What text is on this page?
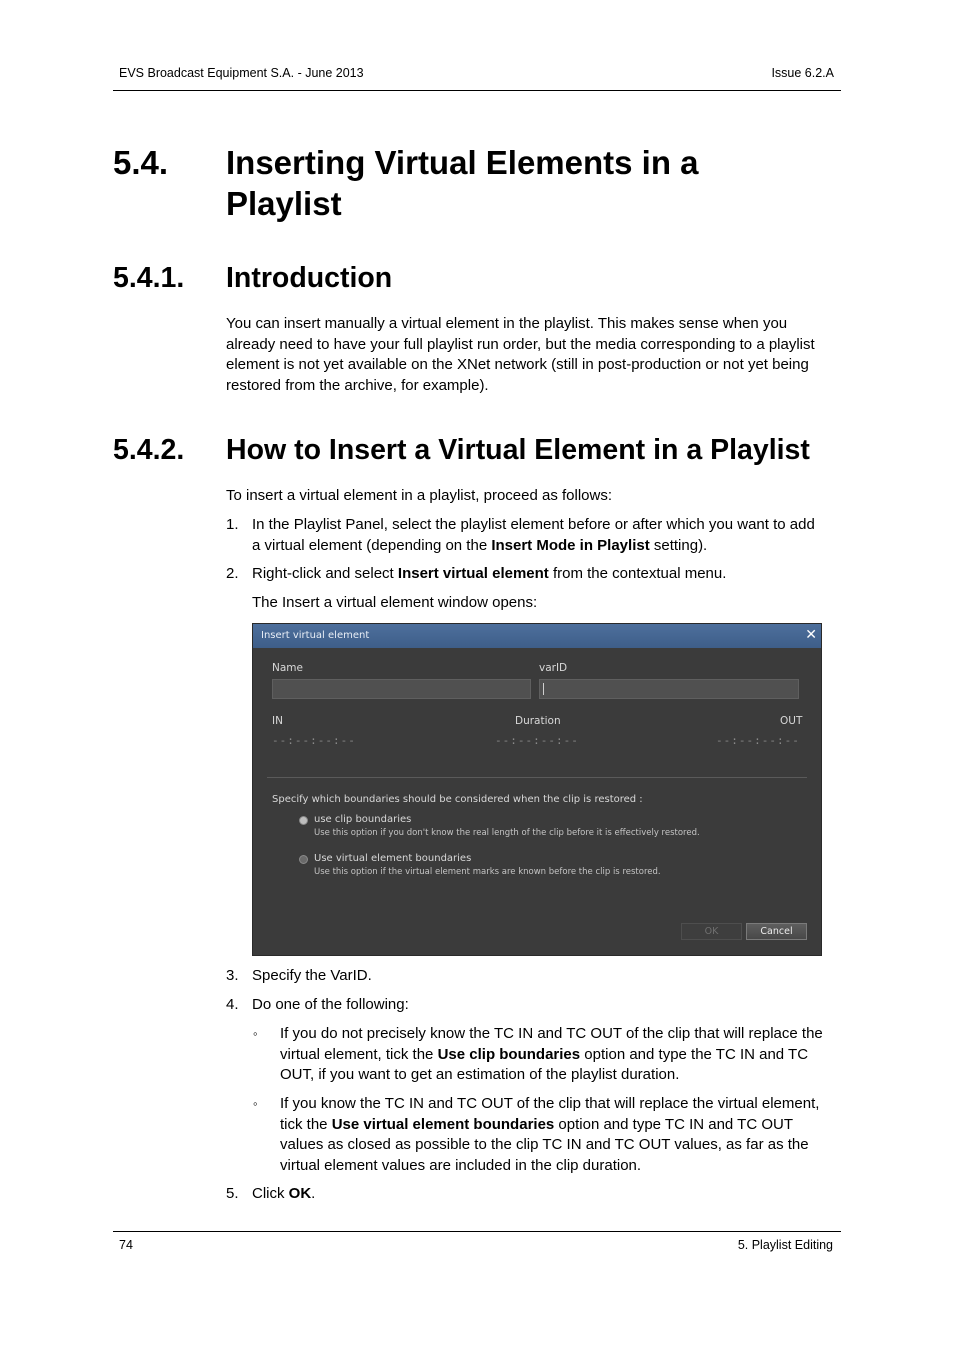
EVS Broadcast Equipment S.A. - June 2013	Issue 6.2.A
5.4. Inserting Virtual Elements in a
Playlist
5.4.1. Introduction
You can insert manually a virtual element in the playlist. This makes sense when you
already need to have your full playlist run order, but the media corresponding to a playlist
element is not yet available on the XNet network (still in post-production or not yet being
restored from the archive, for example).
5.4.2. How to Insert a Virtual Element in a Playlist
To insert a virtual element in a playlist, proceed as follows:
1. In the Playlist Panel, select the playlist element before or after which you want to add
a virtual element (depending on the Insert Mode in Playlist setting).
2. Right-click and select Insert virtual element from the contextual menu.
The Insert a virtual element window opens:
Insert virtual element	✕
Name	varID
IN	Duration	OUT
--:--:--:--	--:--:--:--	--:--:--:--
Specify which boundaries should be considered when the clip is restored :
use clip boundaries
Use this option if you don't know the real length of the clip before it is effectively restored.
Use virtual element boundaries
Use this option if the virtual element marks are known before the clip is restored.
OK	Cancel
3. Specify the VarID.
4. Do one of the following:
◦ If you do not precisely know the TC IN and TC OUT of the clip that will replace the
virtual element, tick the Use clip boundaries option and type the TC IN and TC
OUT, if you want to get an estimation of the playlist duration.
◦ If you know the TC IN and TC OUT of the clip that will replace the virtual element,
tick the Use virtual element boundaries option and type TC IN and TC OUT
values as closed as possible to the clip TC IN and TC OUT values, as far as the
virtual element values are included in the clip duration.
5. Click OK.
74	5. Playlist Editing
